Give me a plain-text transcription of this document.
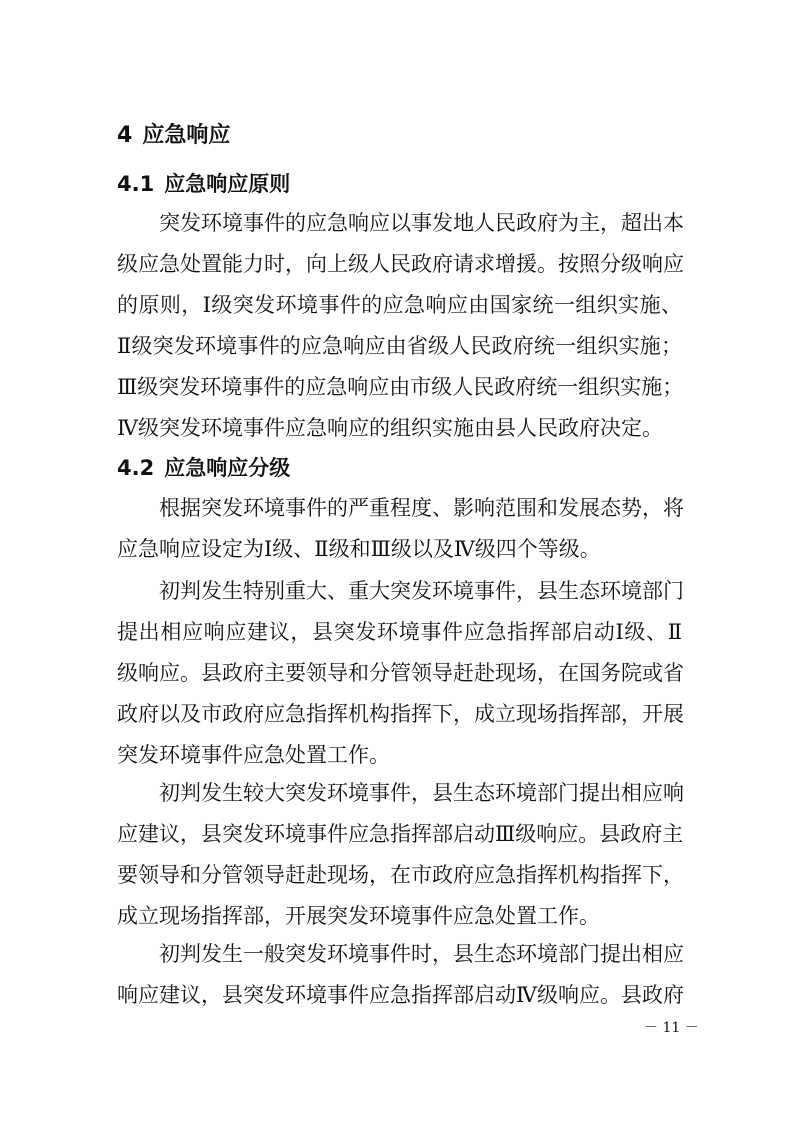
4 应急响应
4.1 应急响应原则
突发环境事件的应急响应以事发地人民政府为主，超出本
级应急处置能力时，向上级人民政府请求增援。按照分级响应
的原则，Ⅰ级突发环境事件的应急响应由国家统一组织实施、
Ⅱ级突发环境事件的应急响应由省级人民政府统一组织实施；
Ⅲ级突发环境事件的应急响应由市级人民政府统一组织实施；
Ⅳ级突发环境事件应急响应的组织实施由县人民政府决定。
4.2 应急响应分级
根据突发环境事件的严重程度、影响范围和发展态势，将
应急响应设定为Ⅰ级、Ⅱ级和Ⅲ级以及Ⅳ级四个等级。
初判发生特别重大、重大突发环境事件，县生态环境部门
提出相应响应建议，县突发环境事件应急指挥部启动Ⅰ级、Ⅱ
级响应。县政府主要领导和分管领导赶赴现场，在国务院或省
政府以及市政府应急指挥机构指挥下，成立现场指挥部，开展
突发环境事件应急处置工作。
初判发生较大突发环境事件，县生态环境部门提出相应响
应建议，县突发环境事件应急指挥部启动Ⅲ级响应。县政府主
要领导和分管领导赶赴现场，在市政府应急指挥机构指挥下，
成立现场指挥部，开展突发环境事件应急处置工作。
初判发生一般突发环境事件时，县生态环境部门提出相应
响应建议，县突发环境事件应急指挥部启动Ⅳ级响应。县政府
－ 11 －
